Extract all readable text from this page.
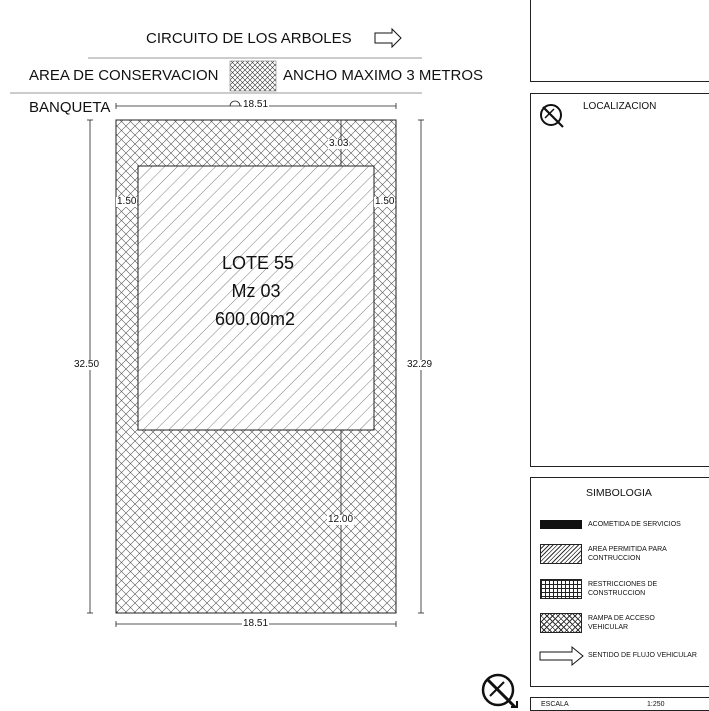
CIRCUITO DE LOS ARBOLES
AREA DE CONSERVACION	ANCHO MAXIMO 3 METROS
BANQUETA	18.51
18.51
32.50	32.29
3.03
1.50	1.50
12.00
LOTE 55
Mz 03
600.00m2
LOCALIZACION
SIMBOLOGIA
ACOMETIDA DE SERVICIOS
AREA PERMITIDA PARA
CONTRUCCION
RESTRICCIONES DE
CONSTRUCCION
RAMPA DE ACCESO
VEHICULAR
SENTIDO DE FLUJO VEHICULAR
ESCALA	1:250
